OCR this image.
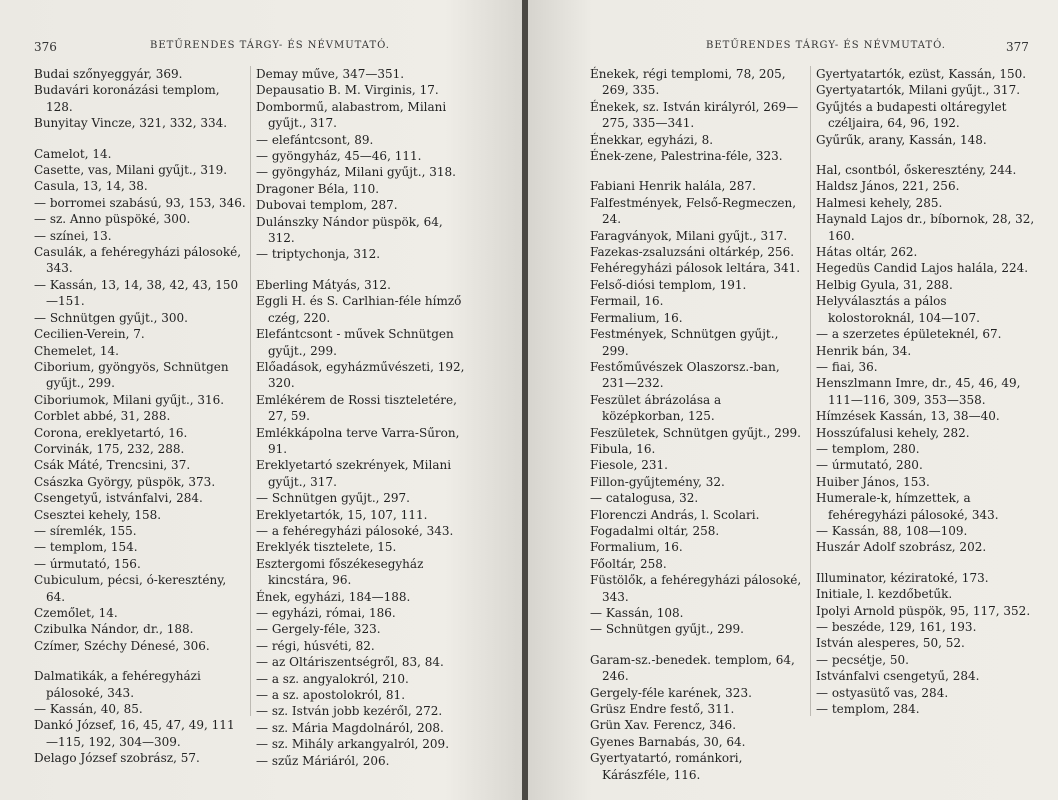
376	BETŰRENDES TÁRGY- ÉS NÉVMUTATÓ.

Budai szőnyeggyár, 369.

Budavári koronázási templom, 128.

Bunyitay Vincze, 321, 332, 334.

Camelot, 14.

Casette, vas, Milani gyűjt., 319.

Casula, 13, 14, 38.

— borromei szabású, 93, 153, 346.

— sz. Anno püspöké, 300.

— színei, 13.

Casulák, a fehéregyházi pálosoké, 343.

— Kassán, 13, 14, 38, 42, 43, 150—151.

— Schnütgen gyűjt., 300.

Cecilien-Verein, 7.

Chemelet, 14.

Ciborium, gyöngyös, Schnütgen gyűjt., 299.

Ciboriumok, Milani gyűjt., 316.

Corblet abbé, 31, 288.

Corona, ereklyetartó, 16.

Corvinák, 175, 232, 288.

Csák Máté, Trencsini, 37.

Császka György, püspök, 373.

Csengetyű, istvánfalvi, 284.

Csesztei kehely, 158.

— síremlék, 155.

— templom, 154.

— úrmutató, 156.

Cubiculum, pécsi, ó-keresztény, 64.

Czemőlet, 14.

Czibulka Nándor, dr., 188.

Czímer, Széchy Dénesé, 306.

Dalmatikák, a fehéregyházi pálosoké, 343.

— Kassán, 40, 85.

Dankó József, 16, 45, 47, 49, 111—115, 192, 304—309.

Delago József szobrász, 57.

Demay műve, 347—351.

Depausatio B. M. Virginis, 17.

Dombormű, alabastrom, Milani gyűjt., 317.

— elefántcsont, 89.

— gyöngyház, 45—46, 111.

— gyöngyház, Milani gyűjt., 318.

Dragoner Béla, 110.

Dubovai templom, 287.

Dulánszky Nándor püspök, 64, 312.

— triptychonja, 312.

Eberling Mátyás, 312.

Eggli H. és S. Carlhian-féle hímző czég, 220.

Elefántcsont - művek Schnütgen gyűjt., 299.

Előadások, egyházművészeti, 192, 320.

Emlékérem de Rossi tiszteletére, 27, 59.

Emlékkápolna terve Varra-Sűron, 91.

Ereklyetartó szekrények, Milani gyűjt., 317.

— Schnütgen gyűjt., 297.

Ereklyetartók, 15, 107, 111.

— a fehéregyházi pálosoké, 343.

Ereklyék tisztelete, 15.

Esztergomi főszékesegyház kincstára, 96.

Ének, egyházi, 184—188.

— egyházi, római, 186.

— Gergely-féle, 323.

— régi, húsvéti, 82.

— az Oltáriszentségről, 83, 84.

— a sz. angyalokról, 210.

— a sz. apostolokról, 81.

— sz. István jobb kezéről, 272.

— sz. Mária Magdolnáról, 208.

— sz. Mihály arkangyalról, 209.

— szűz Máriáról, 206.

BETŰRENDES TÁRGY- ÉS NÉVMUTATÓ.	377

Énekek, régi templomi, 78, 205, 269, 335.

Énekek, sz. István királyról, 269—275, 335—341.

Énekkar, egyházi, 8.

Ének-zene, Palestrina-féle, 323.

Fabiani Henrik halála, 287.

Falfestmények, Felső-Regmeczen, 24.

Faragványok, Milani gyűjt., 317.

Fazekas-zsaluzsáni oltárkép, 256.

Fehéregyházi pálosok leltára, 341.

Felső-diósi templom, 191.

Fermail, 16.

Fermalium, 16.

Festmények, Schnütgen gyűjt., 299.

Festőművészek Olaszorsz.-ban, 231—232.

Feszület ábrázolása a középkorban, 125.

Feszületek, Schnütgen gyűjt., 299.

Fibula, 16.

Fiesole, 231.

Fillon-gyűjtemény, 32.

— catalogusa, 32.

Florenczi András, l. Scolari.

Fogadalmi oltár, 258.

Formalium, 16.

Főoltár, 258.

Füstölők, a fehéregyházi pálosoké, 343.

— Kassán, 108.

— Schnütgen gyűjt., 299.

Garam-sz.-benedek. templom, 64, 246.

Gergely-féle karének, 323.

Grüsz Endre festő, 311.

Grün Xav. Ferencz, 346.

Gyenes Barnabás, 30, 64.

Gyertyatartó, románkori, Kárászféle, 116.

Gyertyatartók, ezüst, Kassán, 150.

Gyertyatartók, Milani gyűjt., 317.

Gyűjtés a budapesti oltáregylet czéljaira, 64, 96, 192.

Gyűrűk, arany, Kassán, 148.

Hal, csontból, őskeresztény, 244.

Haldsz János, 221, 256.

Halmesi kehely, 285.

Haynald Lajos dr., bíbornok, 28, 32, 160.

Hátas oltár, 262.

Hegedüs Candid Lajos halála, 224.

Helbig Gyula, 31, 288.

Helyválasztás a pálos kolostoroknál, 104—107.

— a szerzetes épületeknél, 67.

Henrik bán, 34.

— fiai, 36.

Henszlmann Imre, dr., 45, 46, 49, 111—116, 309, 353—358.

Hímzések Kassán, 13, 38—40.

Hosszúfalusi kehely, 282.

— templom, 280.

— úrmutató, 280.

Huiber János, 153.

Humerale-k, hímzettek, a fehéregyházi pálosoké, 343.

— Kassán, 88, 108—109.

Huszár Adolf szobrász, 202.

Illuminator, kéziratoké, 173.

Initiale, l. kezdőbetűk.

Ipolyi Arnold püspök, 95, 117, 352.

— beszéde, 129, 161, 193.

István alesperes, 50, 52.

— pecsétje, 50.

Istvánfalvi csengetyű, 284.

— ostyasütő vas, 284.

— templom, 284.
